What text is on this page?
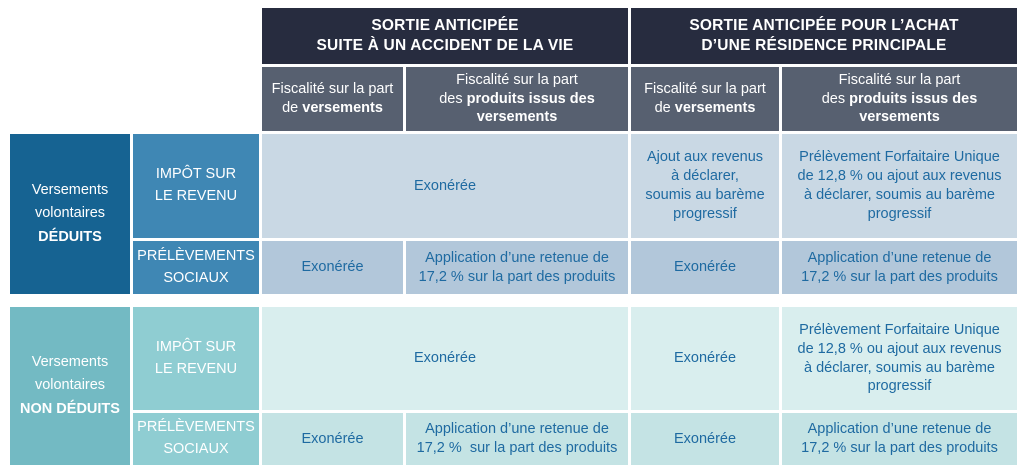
SORTIE ANTICIPÉE
SUITE À UN ACCIDENT DE LA VIE
SORTIE ANTICIPÉE POUR L’ACHAT
D’UNE RÉSIDENCE PRINCIPALE
Fiscalité sur la part
de versements
Fiscalité sur la part
des produits issus des
versements
Fiscalité sur la part
de versements
Fiscalité sur la part
des produits issus des
versements
Versements
volontaires
DÉDUITS
IMPÔT SUR
LE REVENU
PRÉLÈVEMENTS
SOCIAUX
Exonérée
Ajout aux revenus
à déclarer,
soumis au barème
progressif
Prélèvement Forfaitaire Unique
de 12,8 % ou ajout aux revenus
à déclarer, soumis au barème
progressif
Exonérée
Application d’une retenue de
17,2 % sur la part des produits
Exonérée
Application d’une retenue de
17,2 % sur la part des produits
Versements
volontaires
NON DÉDUITS
IMPÔT SUR
LE REVENU
PRÉLÈVEMENTS
SOCIAUX
Exonérée	Exonérée
Prélèvement Forfaitaire Unique
de 12,8 % ou ajout aux revenus
à déclarer, soumis au barème
progressif
Exonérée
Application d’une retenue de
17,2 %  sur la part des produits
Exonérée
Application d’une retenue de
17,2 % sur la part des produits
